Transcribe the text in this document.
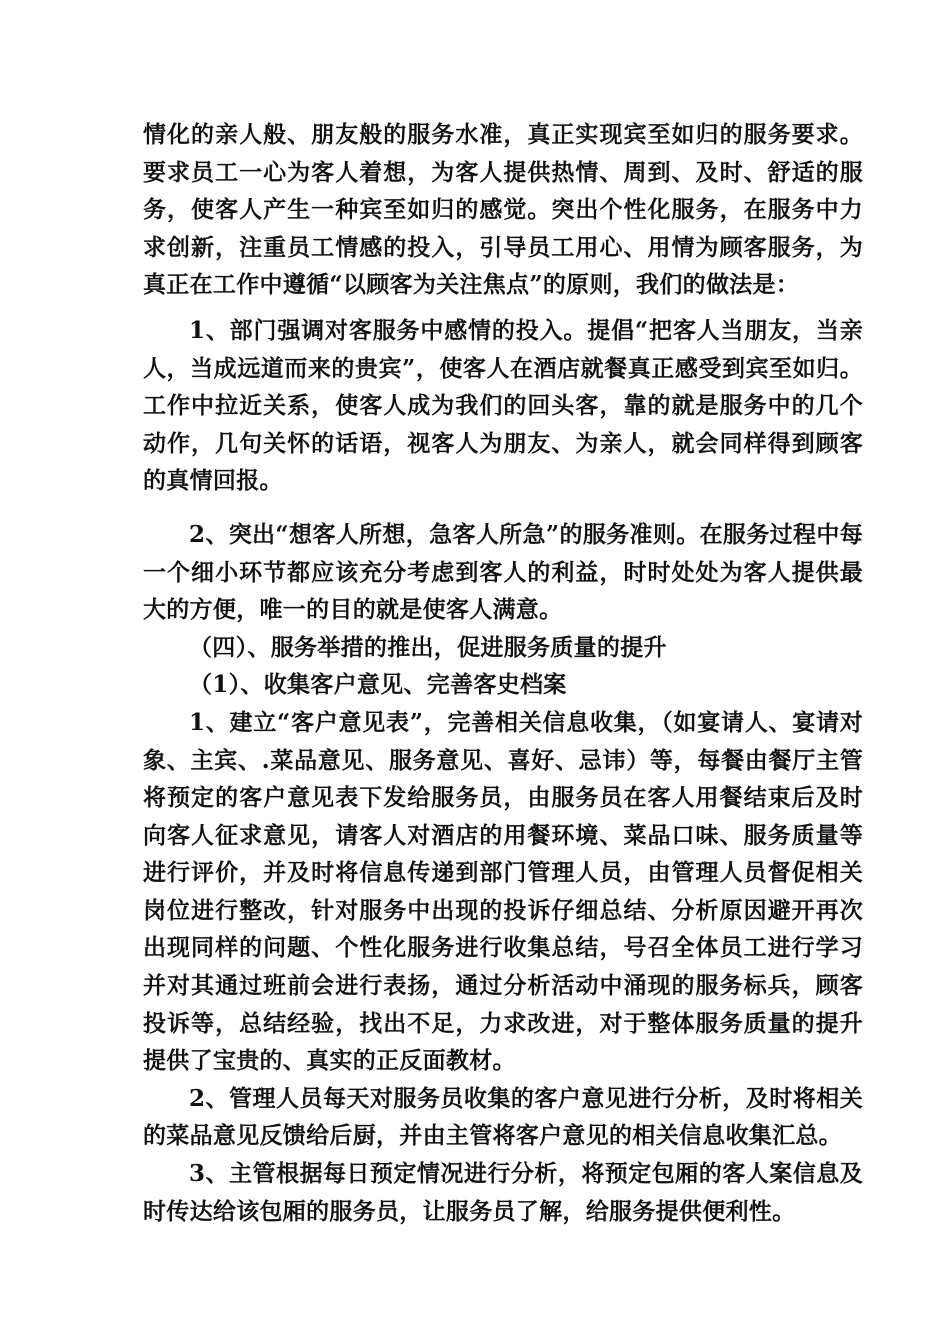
情化的亲人般、朋友般的服务水准，真正实现宾至如归的服务要求。要求员工一心为客人着想，为客人提供热情、周到、及时、舒适的服务，使客人产生一种宾至如归的感觉。突出个性化服务，在服务中力求创新，注重员工情感的投入，引导员工用心、用情为顾客服务，为真正在工作中遵循“以顾客为关注焦点”的原则，我们的做法是：

1、部门强调对客服务中感情的投入。提倡“把客人当朋友，当亲人，当成远道而来的贵宾”，使客人在酒店就餐真正感受到宾至如归。工作中拉近关系，使客人成为我们的回头客，靠的就是服务中的几个动作，几句关怀的话语，视客人为朋友、为亲人，就会同样得到顾客的真情回报。

2、突出“想客人所想，急客人所急”的服务准则。在服务过程中每一个细小环节都应该充分考虑到客人的利益，时时处处为客人提供最大的方便，唯一的目的就是使客人满意。

（四）、服务举措的推出，促进服务质量的提升

（1）、收集客户意见、完善客史档案

1、建立“客户意见表”，完善相关信息收集，（如宴请人、宴请对象、主宾、.菜品意见、服务意见、喜好、忌讳）等，每餐由餐厅主管将预定的客户意见表下发给服务员，由服务员在客人用餐结束后及时向客人征求意见，请客人对酒店的用餐环境、菜品口味、服务质量等进行评价，并及时将信息传递到部门管理人员，由管理人员督促相关岗位进行整改，针对服务中出现的投诉仔细总结、分析原因避开再次出现同样的问题、个性化服务进行收集总结，号召全体员工进行学习并对其通过班前会进行表扬，通过分析活动中涌现的服务标兵，顾客投诉等，总结经验，找出不足，力求改进，对于整体服务质量的提升提供了宝贵的、真实的正反面教材。

2、管理人员每天对服务员收集的客户意见进行分析，及时将相关的菜品意见反馈给后厨，并由主管将客户意见的相关信息收集汇总。

3、主管根据每日预定情况进行分析，将预定包厢的客人案信息及时传达给该包厢的服务员，让服务员了解，给服务提供便利性。
